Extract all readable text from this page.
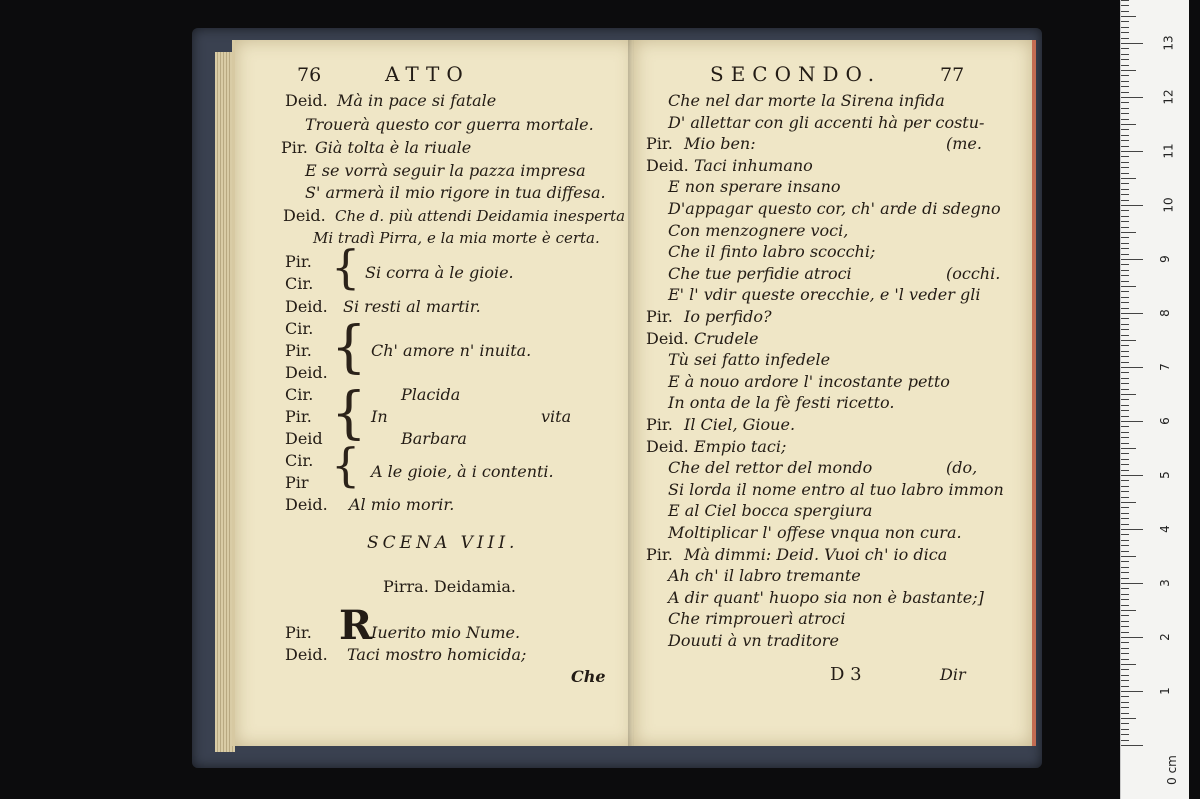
76	ATTO
Deid. Mà in pace si fatale
Trouerà questo cor guerra mortale.
Pir. Già tolta è la riuale
E se vorrà seguir la pazza impresa
S' armerà il mio rigore in tua diffesa.
Deid. Che d. più attendi Deidamia inesperta
Mi tradì Pirra, e la mia morte è certa.
Pir.
Cir. { Si corra à le gioie.
Deid. Si resti al martir.
Cir.
Pir.
Deid. { Ch' amore n' inuita.
Cir.
Pir.
Deid { Placida
In	vita
Barbara
Cir.
Pir { A le gioie, à i contenti.
Deid. Al mio morir.
SCENA VIII.
Pirra. Deidamia.
Pir. R
Iuerito mio Nume.
Deid. Taci mostro homicida;
Che
SECONDO.	77
Che nel dar morte la Sirena infida
D' allettar con gli accenti hà per costu-
Pir. Mio ben:	(me.
Deid. Taci inhumano
E non sperare insano
D'appagar questo cor, ch' arde di sdegno
Con menzognere voci,
Che il finto labro scocchi;
Che tue perfidie atroci	(occhi.
E' l' vdir queste orecchie, e 'l veder gli
Pir. Io perfido?
Deid. Crudele
Tù sei fatto infedele
E à nouo ardore l' incostante petto
In onta de la fè festi ricetto.
Pir. Il Ciel, Gioue.
Deid. Empio taci;
Che del rettor del mondo	(do,
Si lorda il nome entro al tuo labro immon
E al Ciel bocca spergiura
Moltiplicar l' offese vnqua non cura.
Pir. Mà dimmi: Deid. Vuoi ch' io dica
Ah ch' il labro tremante
A dir quant' huopo sia non è bastante;]
Che rimprouerì atroci
Douuti à vn traditore
D 3	Dir
0 cm
1
2
3
4
5
6
7
8
9
10
11
12
13
